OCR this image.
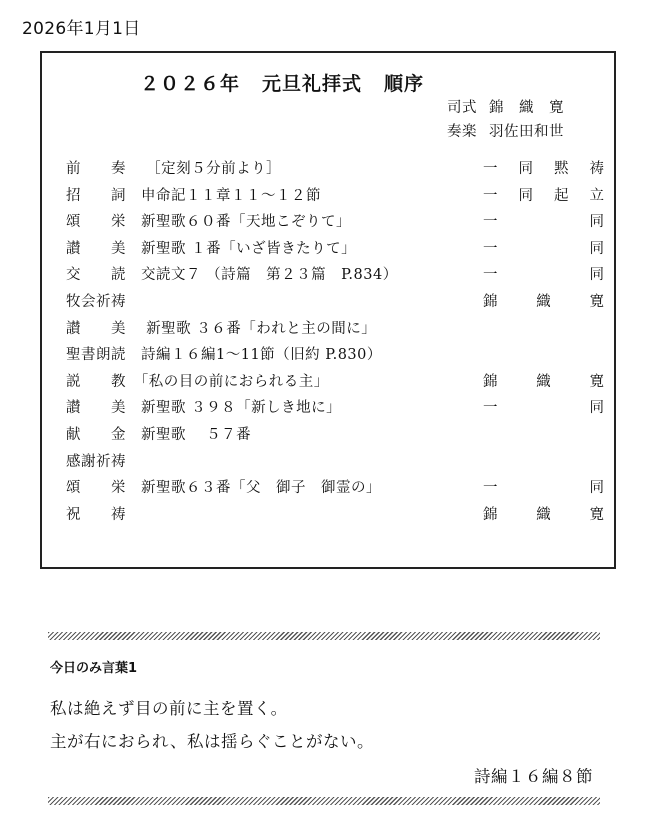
2026年1月1日
２０２６年 元旦礼拝式 順序
司式 錦　織　寛
奏楽 羽佐田和世
前　　奏　 ［定刻５分前より］	一 同 黙 祷
招　　詞　申命記１１章１１～１２節	一 同 起 立
頌　　栄　新聖歌６０番「天地こぞりて」	一	同
讃　　美　新聖歌 １番「いざ皆きたりて」	一	同
交　　読　交読文７ （詩篇　第２３篇　P.834）	一	同
牧会祈祷	錦	織	寛
讃　　美　 新聖歌 ３６番「われと主の間に」
聖書朗読　詩編１６編1～11節（旧約 P.830）
説　　教　「私の目の前におられる主」	錦	織	寛
讃　　美　新聖歌 ３９８「新しき地に」	一	同
献　　金　新聖歌　 ５７番
感謝祈祷
頌　　栄　新聖歌６３番「父　御子　御霊の」	一	同
祝　　祷	錦	織	寛
今日のみ言葉1
私は絶えず目の前に主を置く。
主が右におられ、私は揺らぐことがない。
詩編１６編８節
